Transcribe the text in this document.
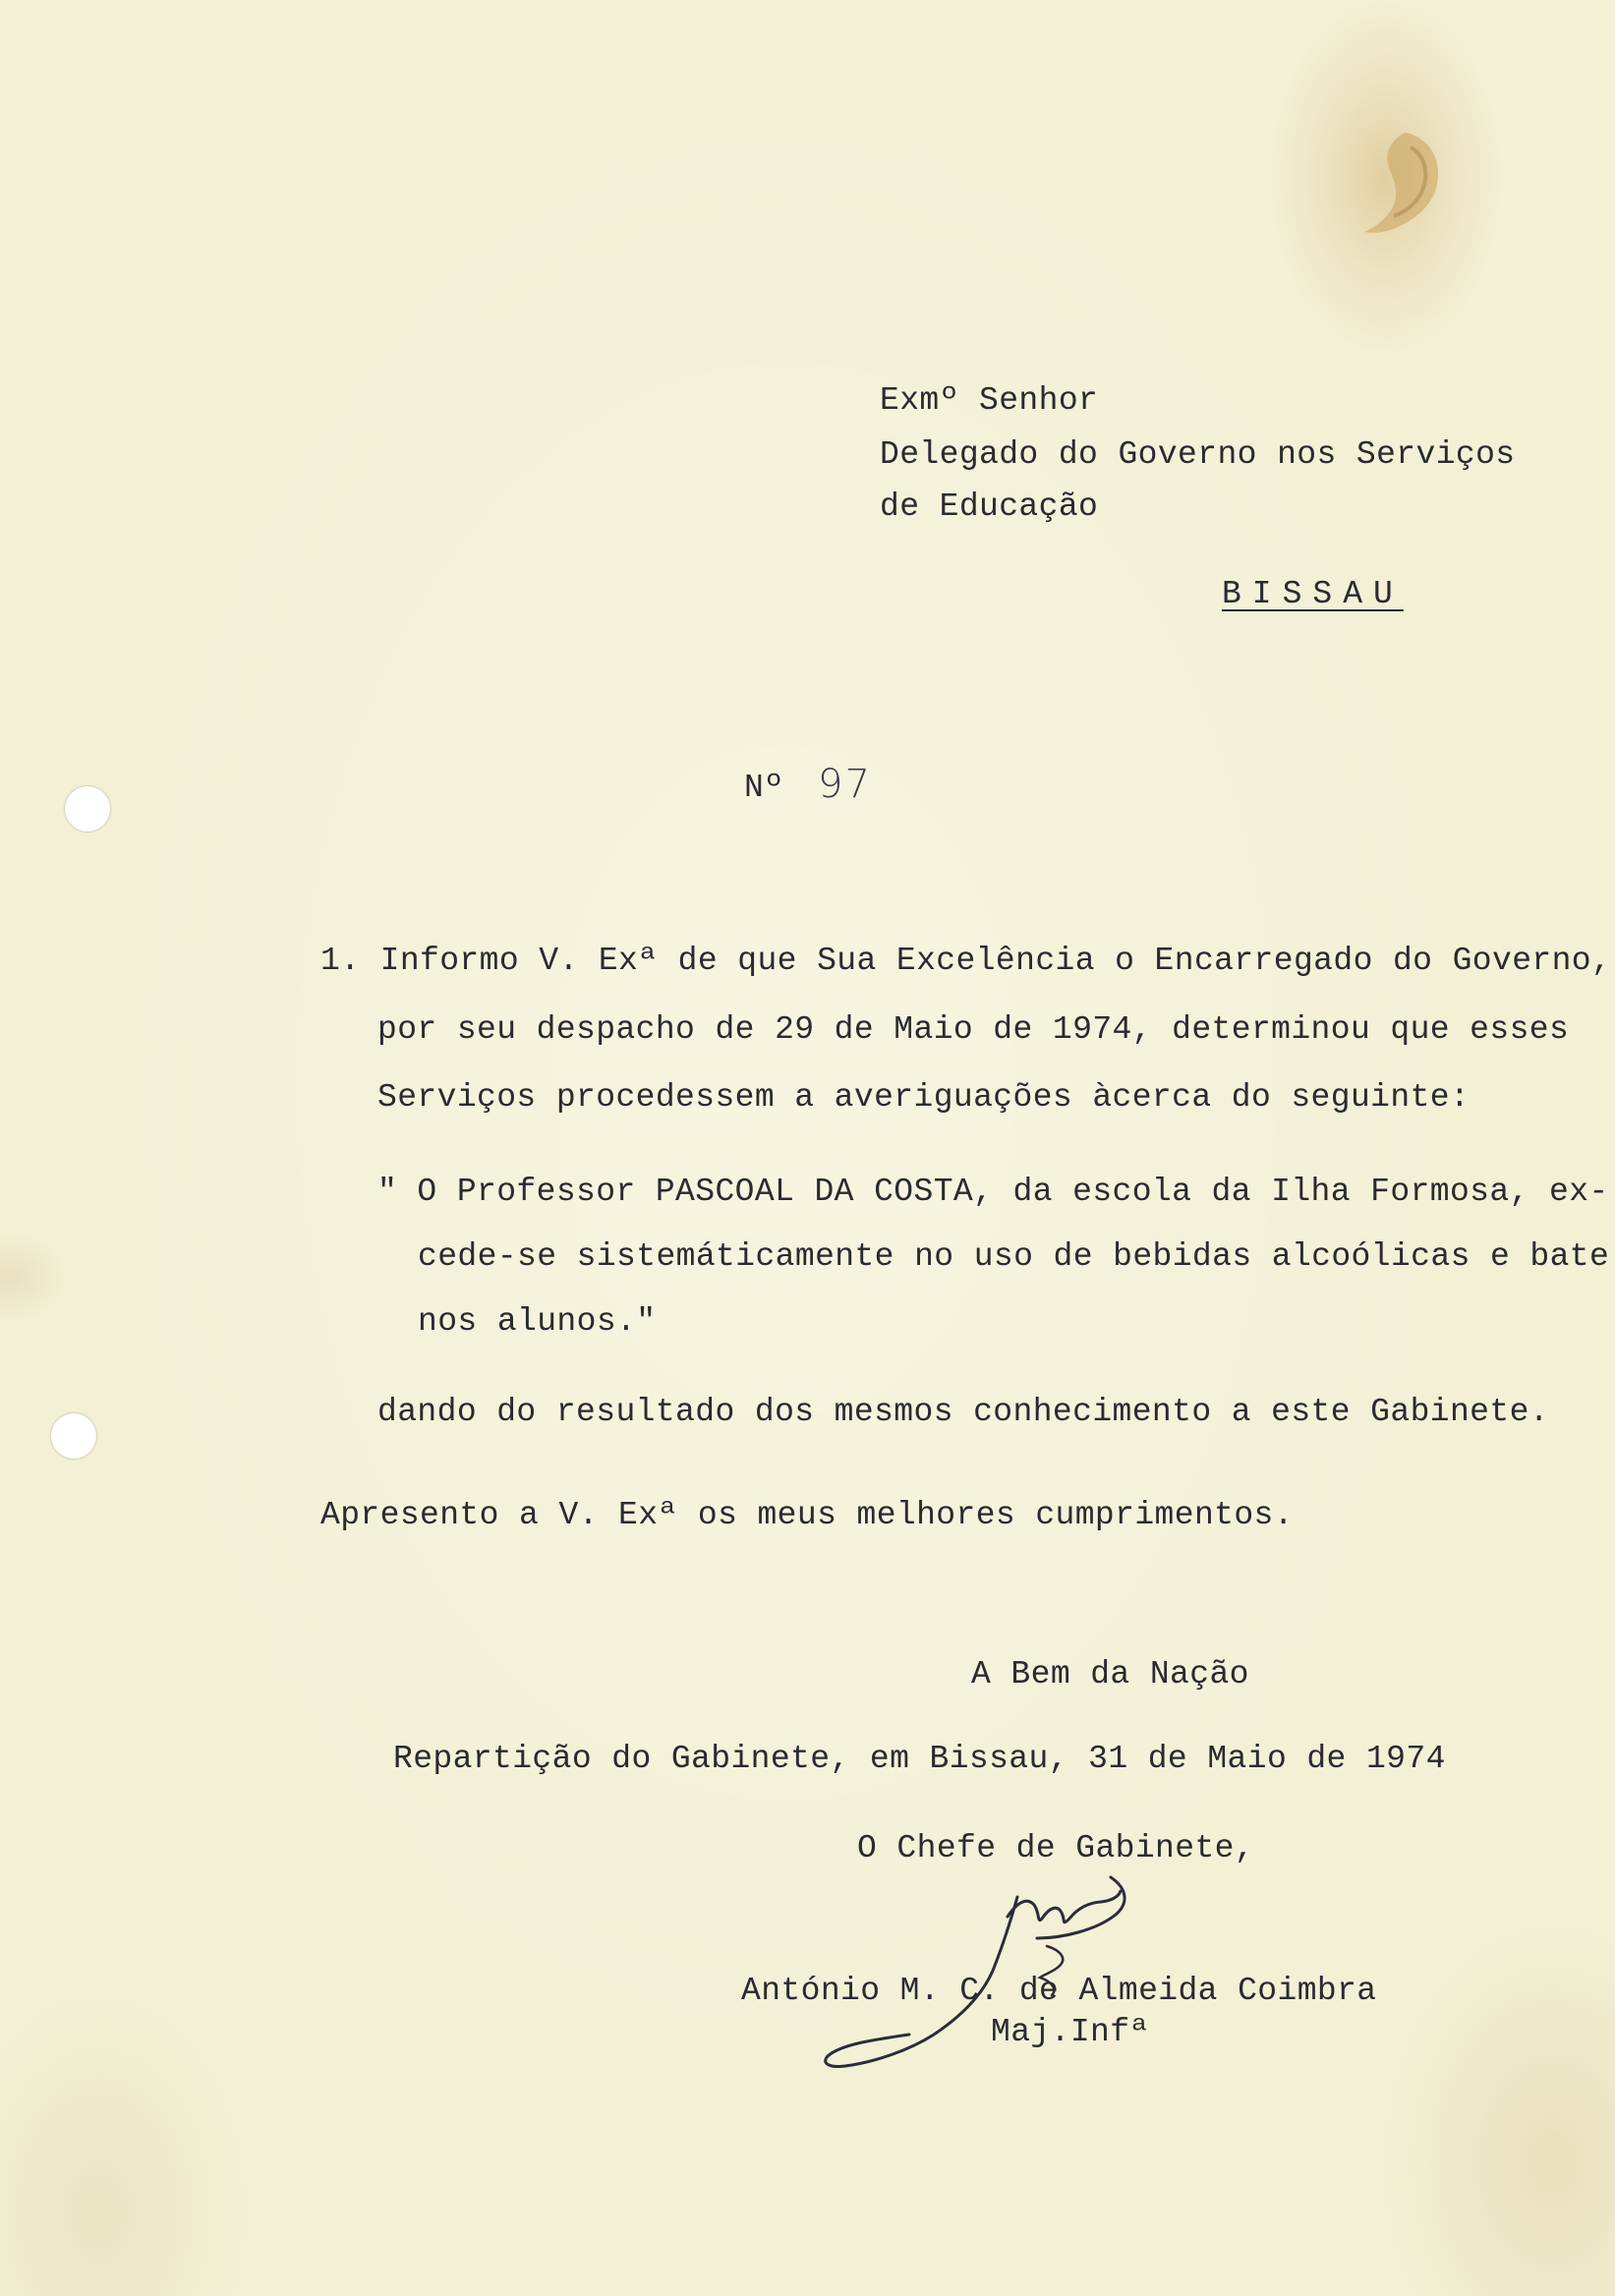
Exmº Senhor
Delegado do Governo nos Serviços
de Educação
BISSAU
Nº 97
1. Informo V. Exª de que Sua Excelência o Encarregado do Governo,
por seu despacho de 29 de Maio de 1974, determinou que esses
Serviços procedessem a averiguações àcerca do seguinte:
" O Professor PASCOAL DA COSTA, da escola da Ilha Formosa, ex-
cede-se sistemáticamente no uso de bebidas alcoólicas e bate
nos alunos."
dando do resultado dos mesmos conhecimento a este Gabinete.
Apresento a V. Exª os meus melhores cumprimentos.
A Bem da Nação
Repartição do Gabinete, em Bissau, 31 de Maio de 1974
O Chefe de Gabinete,
António M. C. de Almeida Coimbra
Maj.Infª
